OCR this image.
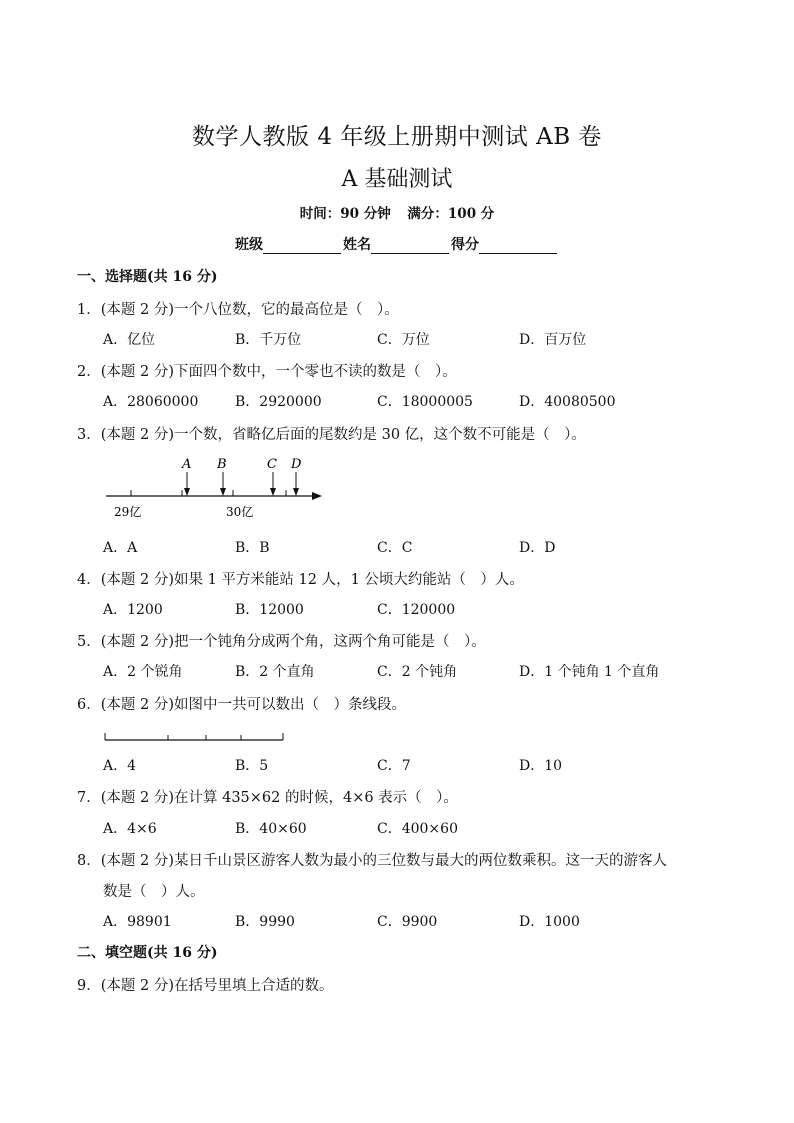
数学人教版 4 年级上册期中测试 AB 卷
A 基础测试
时间：90 分钟 满分：100 分
班级	姓名	得分
一、选择题(共 16 分)
1．(本题 2 分)一个八位数，它的最高位是（　）。
A．亿位	B．千万位	C．万位	D．百万位
2．(本题 2 分)下面四个数中，一个零也不读的数是（　）。
A．28060000	B．2920000	C．18000005	D．40080500
3．(本题 2 分)一个数，省略亿后面的尾数约是 30 亿，这个数不可能是（　）。
A B	C D
29亿	30亿
A．A	B．B	C．C	D．D
4．(本题 2 分)如果 1 平方米能站 12 人，1 公顷大约能站（　）人。
A．1200	B．12000	C．120000
5．(本题 2 分)把一个钝角分成两个角，这两个角可能是（　）。
A．2 个锐角	B．2 个直角	C．2 个钝角	D．1 个钝角 1 个直角
6．(本题 2 分)如图中一共可以数出（　）条线段。
A．4	B．5	C．7	D．10
7．(本题 2 分)在计算 435×62 的时候，4×6 表示（　）。
A．4×6	B．40×60	C．400×60
8．(本题 2 分)某日千山景区游客人数为最小的三位数与最大的两位数乘积。这一天的游客人
数是（　）人。
A．98901	B．9990	C．9900	D．1000
二、填空题(共 16 分)
9．(本题 2 分)在括号里填上合适的数。
